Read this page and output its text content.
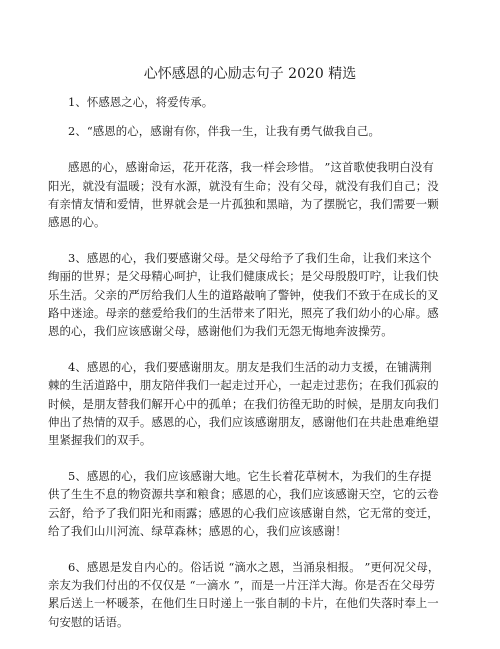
心怀感恩的心励志句子 2020 精选

1、怀感恩之心，将爱传承。

2、“感恩的心，感谢有你，伴我一生，让我有勇气做我自己。

感恩的心，感谢命运，花开花落，我一样会珍惜。 ”这首歌使我明白没有阳光，就没有温暖；没有水源，就没有生命；没有父母，就没有我们自己；没有亲情友情和爱情，世界就会是一片孤独和黑暗，为了摆脱它，我们需要一颗感恩的心。

3、感恩的心，我们要感谢父母。是父母给予了我们生命，让我们来这个绚丽的世界；是父母精心呵护，让我们健康成长；是父母殷殷叮咛，让我们快乐生活。父亲的严厉给我们人生的道路敲响了警钟，使我们不致于在成长的叉路中迷途。母亲的慈爱给我们的生活带来了阳光，照亮了我们幼小的心扉。感恩的心，我们应该感谢父母，感谢他们为我们无怨无悔地奔波操劳。

4、感恩的心，我们要感谢朋友。朋友是我们生活的动力支援，在铺满荆棘的生活道路中，朋友陪伴我们一起走过开心，一起走过悲伤；在我们孤寂的时候，是朋友替我们解开心中的孤单；在我们彷徨无助的时候，是朋友向我们伸出了热情的双手。感恩的心，我们应该感谢朋友，感谢他们在共赴患难绝望里紧握我们的双手。

5、感恩的心，我们应该感谢大地。它生长着花草树木，为我们的生存提供了生生不息的物资源共享和粮食；感恩的心，我们应该感谢天空，它的云卷云舒，给予了我们阳光和雨露；感恩的心我们应该感谢自然，它无常的变迁，给了我们山川河流、绿草森林；感恩的心，我们应该感谢！

6、感恩是发自内心的。俗话说 “滴水之恩，当涌泉相报。 ”更何况父母，亲友为我们付出的不仅仅是 “一滴水 ”，而是一片汪洋大海。你是否在父母劳累后送上一杯暖茶，在他们生日时递上一张自制的卡片，在他们失落时奉上一句安慰的话语。
